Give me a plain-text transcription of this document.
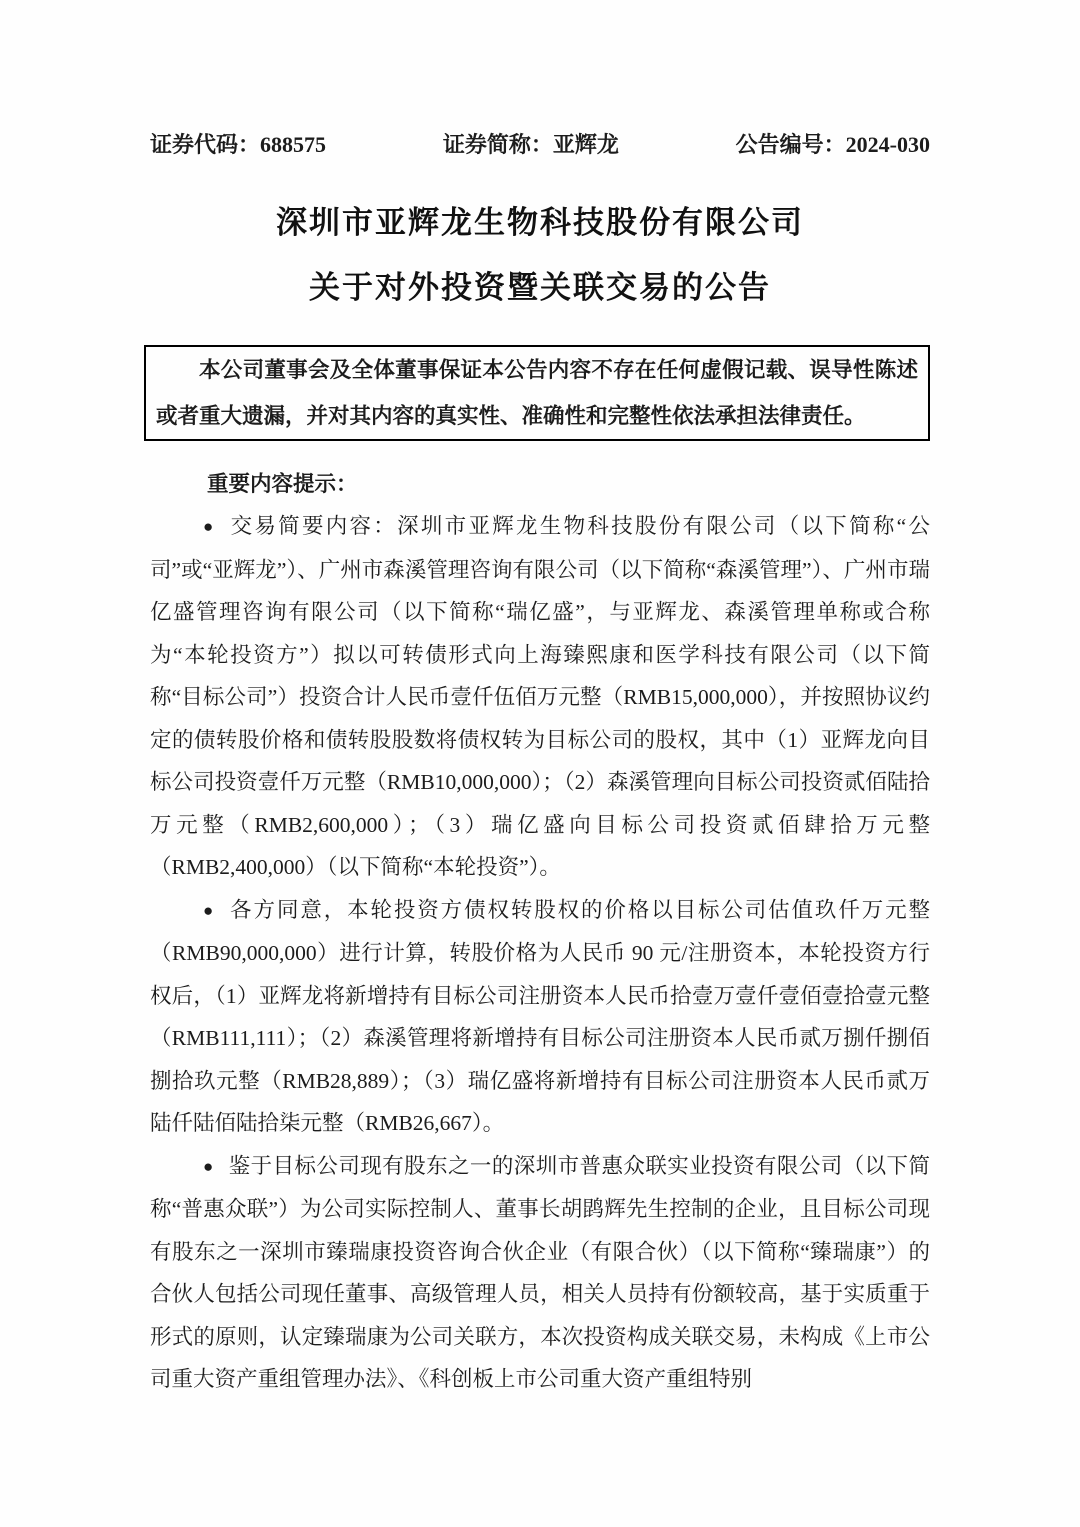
证券代码：688575	证券简称：亚辉龙	公告编号：2024-030
深圳市亚辉龙生物科技股份有限公司
关于对外投资暨关联交易的公告

本公司董事会及全体董事保证本公告内容不存在任何虚假记载、误导性陈述或者重大遗漏，并对其内容的真实性、准确性和完整性依法承担法律责任。

重要内容提示：

● 交易简要内容：深圳市亚辉龙生物科技股份有限公司（以下简称“公司”或“亚辉龙”）、广州市森溪管理咨询有限公司（以下简称“森溪管理”）、广州市瑞亿盛管理咨询有限公司（以下简称“瑞亿盛”，与亚辉龙、森溪管理单称或合称为“本轮投资方”）拟以可转债形式向上海臻熙康和医学科技有限公司（以下简称“目标公司”）投资合计人民币壹仟伍佰万元整（RMB15,000,000），并按照协议约定的债转股价格和债转股股数将债权转为目标公司的股权，其中（1）亚辉龙向目标公司投资壹仟万元整（RMB10,000,000）；（2）森溪管理向目标公司投资贰佰陆拾万元整（RMB2,600,000）；（3）瑞亿盛向目标公司投资贰佰肆拾万元整（RMB2,400,000）（以下简称“本轮投资”）。

● 各方同意，本轮投资方债权转股权的价格以目标公司估值玖仟万元整（RMB90,000,000）进行计算，转股价格为人民币 90 元/注册资本，本轮投资方行权后，（1）亚辉龙将新增持有目标公司注册资本人民币拾壹万壹仟壹佰壹拾壹元整（RMB111,111）；（2）森溪管理将新增持有目标公司注册资本人民币贰万捌仟捌佰捌拾玖元整（RMB28,889）；（3）瑞亿盛将新增持有目标公司注册资本人民币贰万陆仟陆佰陆拾柒元整（RMB26,667）。

● 鉴于目标公司现有股东之一的深圳市普惠众联实业投资有限公司（以下简称“普惠众联”）为公司实际控制人、董事长胡鹍辉先生控制的企业，且目标公司现有股东之一深圳市臻瑞康投资咨询合伙企业（有限合伙）（以下简称“臻瑞康”）的合伙人包括公司现任董事、高级管理人员，相关人员持有份额较高，基于实质重于形式的原则，认定臻瑞康为公司关联方，本次投资构成关联交易，未构成《上市公司重大资产重组管理办法》、《科创板上市公司重大资产重组特别
